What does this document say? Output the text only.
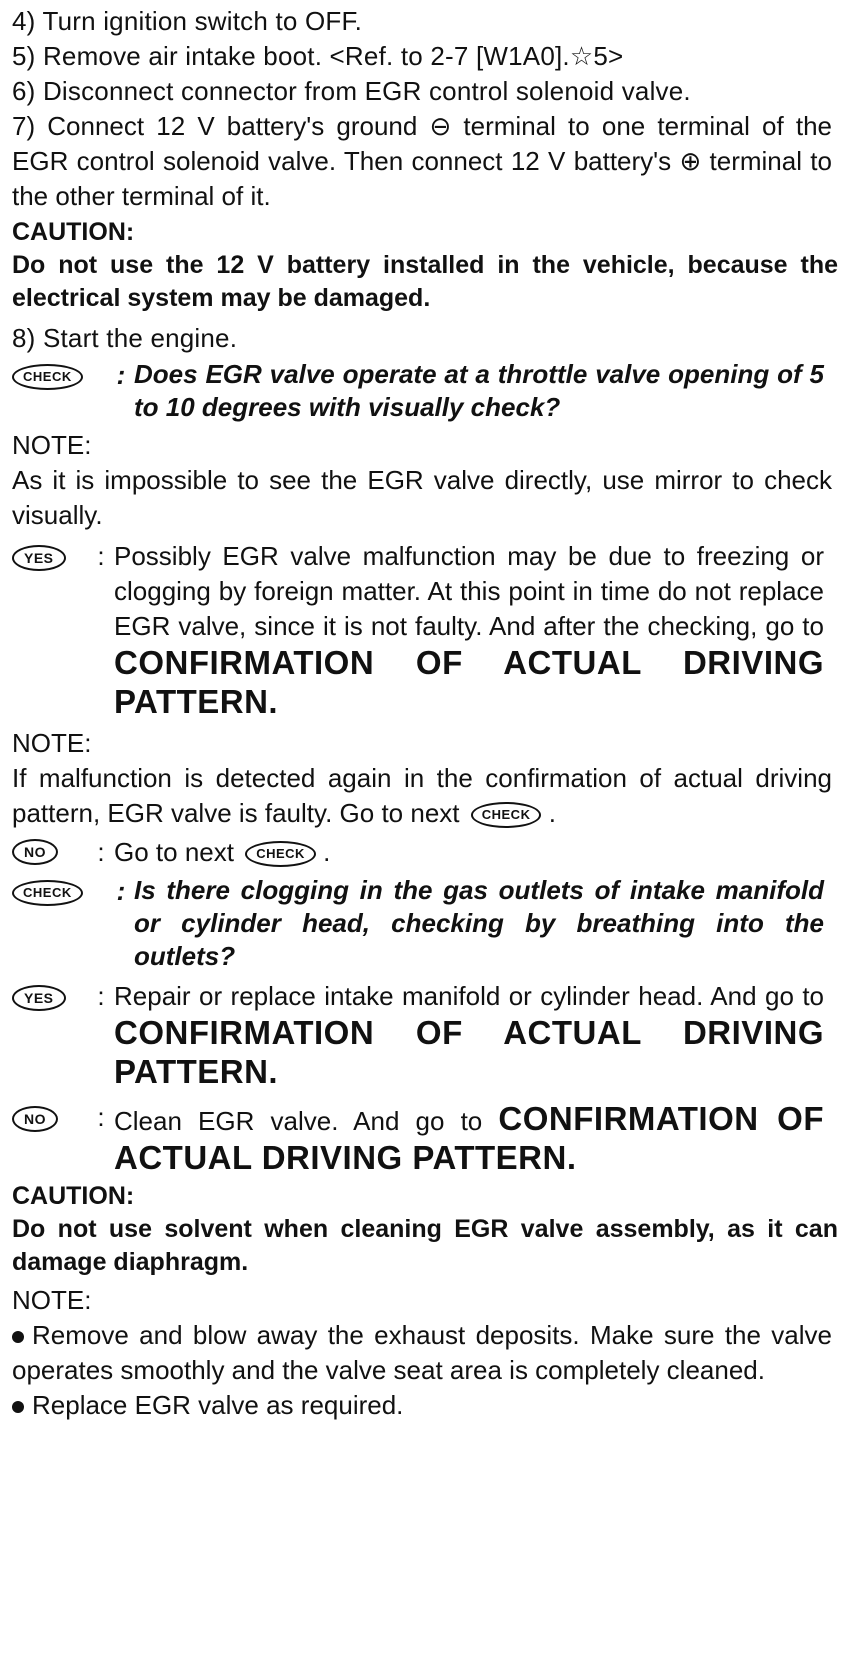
4) Turn ignition switch to OFF.
5) Remove air intake boot. <Ref. to 2-7 [W1A0].☆5>
6) Disconnect connector from EGR control solenoid valve.
7) Connect 12 V battery's ground ⊖ terminal to one terminal of the EGR control solenoid valve. Then connect 12 V battery's ⊕ terminal to the other terminal of it.
CAUTION:
Do not use the 12 V battery installed in the vehicle, because the electrical system may be damaged.
8) Start the engine.
CHECK	: Does EGR valve operate at a throttle valve opening of 5 to 10 degrees with visually check?
NOTE:
As it is impossible to see the EGR valve directly, use mirror to check visually.
YES	: Possibly EGR valve malfunction may be due to freezing or clogging by foreign matter. At this point in time do not replace EGR valve, since it is not faulty. And after the checking, go to CONFIRMATION OF ACTUAL DRIVING PATTERN.
NOTE:
If malfunction is detected again in the confirmation of actual driving pattern, EGR valve is faulty. Go to next CHECK .
NO	: Go to next CHECK .
CHECK	: Is there clogging in the gas outlets of intake manifold or cylinder head, checking by breathing into the outlets?
YES	: Repair or replace intake manifold or cylinder head. And go to CONFIRMATION OF ACTUAL DRIVING PATTERN.
NO	: Clean EGR valve. And go to CONFIRMATION OF ACTUAL DRIVING PATTERN.
CAUTION:
Do not use solvent when cleaning EGR valve assembly, as it can damage diaphragm.
NOTE:
Remove and blow away the exhaust deposits. Make sure the valve operates smoothly and the valve seat area is completely cleaned.
Replace EGR valve as required.
